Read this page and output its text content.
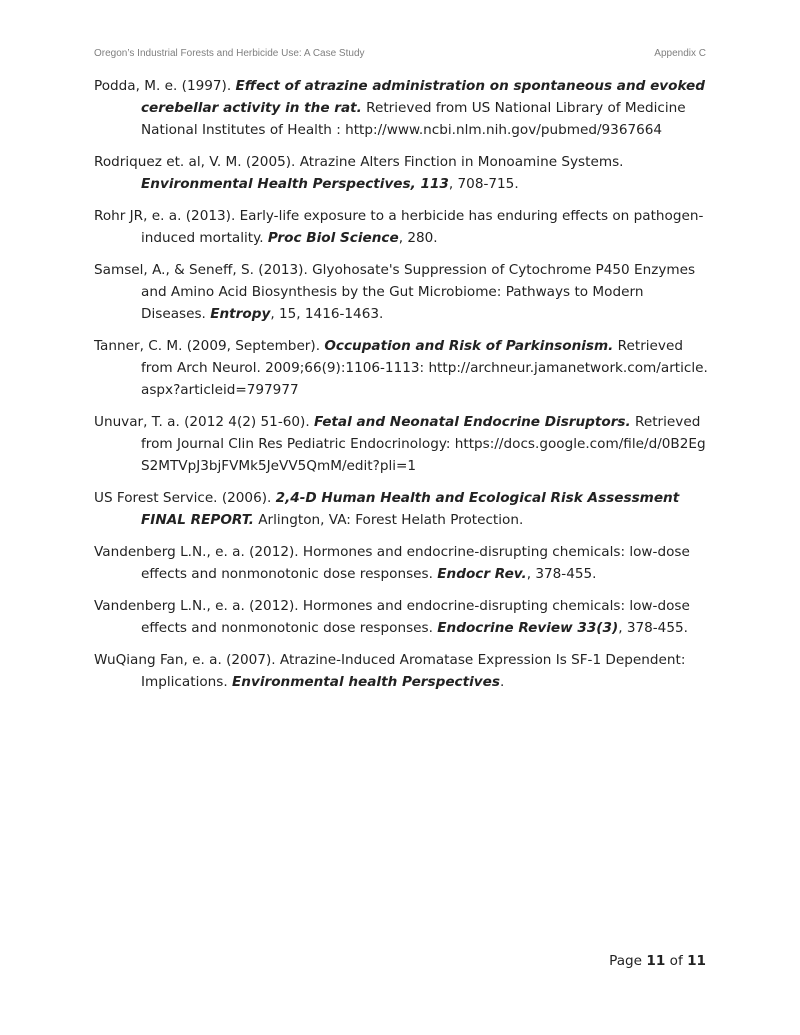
Oregon’s Industrial Forests and Herbicide Use: A Case Study	Appendix C

Podda, M. e. (1997). Effect of atrazine administration on spontaneous and evoked cerebellar activity in the rat. Retrieved from US National Library of Medicine National Institutes of Health : http://www.ncbi.nlm.nih.gov/pubmed/9367664

Rodriquez et. al, V. M. (2005). Atrazine Alters Finction in Monoamine Systems. Environmental Health Perspectives, 113, 708-715.

Rohr JR, e. a. (2013). Early-life exposure to a herbicide has enduring effects on pathogen-induced mortality. Proc Biol Science, 280.

Samsel, A., & Seneff, S. (2013). Glyohosate's Suppression of Cytochrome P450 Enzymes and Amino Acid Biosynthesis by the Gut Microbiome: Pathways to Modern Diseases. Entropy, 15, 1416-1463.

Tanner, C. M. (2009, September). Occupation and Risk of Parkinsonism. Retrieved from Arch Neurol. 2009;66(9):1106-1113: http://archneur.jamanetwork.com/article.aspx?articleid=797977

Unuvar, T. a. (2012 4(2) 51-60). Fetal and Neonatal Endocrine Disruptors. Retrieved from Journal Clin Res Pediatric Endocrinology: https://docs.google.com/file/d/0B2EgS2MTVpJ3bjFVMk5JeVV5QmM/edit?pli=1

US Forest Service. (2006). 2,4-D Human Health and Ecological Risk Assessment FINAL REPORT. Arlington, VA: Forest Helath Protection.

Vandenberg L.N., e. a. (2012). Hormones and endocrine-disrupting chemicals: low-dose effects and nonmonotonic dose responses. Endocr Rev., 378-455.

Vandenberg L.N., e. a. (2012). Hormones and endocrine-disrupting chemicals: low-dose effects and nonmonotonic dose responses. Endocrine Review 33(3), 378-455.

WuQiang Fan, e. a. (2007). Atrazine-Induced Aromatase Expression Is SF-1 Dependent: Implications. Environmental health Perspectives.

Page 11 of 11
